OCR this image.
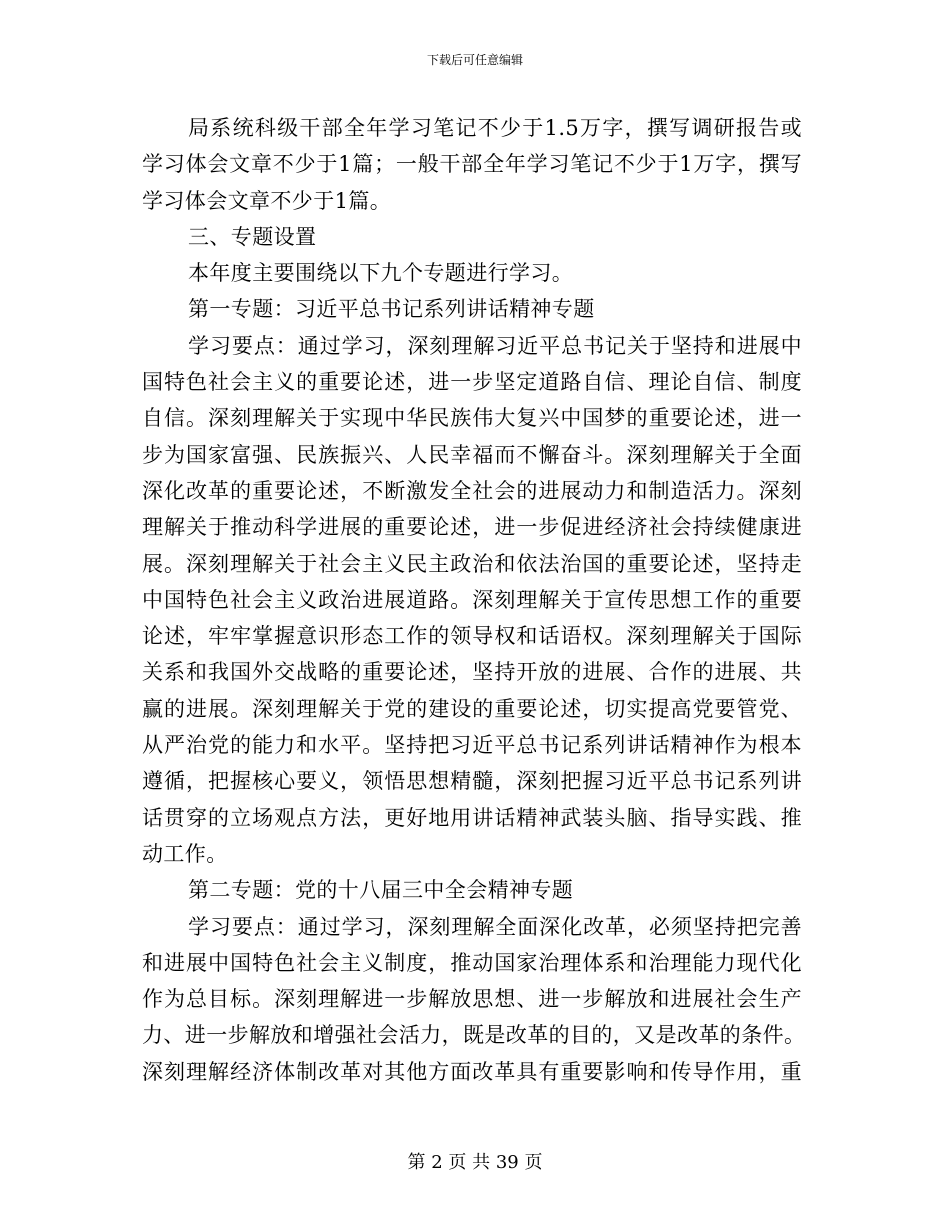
下载后可任意编辑
局系统科级干部全年学习笔记不少于1.5万字，撰写调研报告或
学习体会文章不少于1篇；一般干部全年学习笔记不少于1万字，撰写
学习体会文章不少于1篇。
三、专题设置
本年度主要围绕以下九个专题进行学习。
第一专题：习近平总书记系列讲话精神专题
学习要点：通过学习，深刻理解习近平总书记关于坚持和进展中
国特色社会主义的重要论述，进一步坚定道路自信、理论自信、制度
自信。深刻理解关于实现中华民族伟大复兴中国梦的重要论述，进一
步为国家富强、民族振兴、人民幸福而不懈奋斗。深刻理解关于全面
深化改革的重要论述，不断激发全社会的进展动力和制造活力。深刻
理解关于推动科学进展的重要论述，进一步促进经济社会持续健康进
展。深刻理解关于社会主义民主政治和依法治国的重要论述，坚持走
中国特色社会主义政治进展道路。深刻理解关于宣传思想工作的重要
论述，牢牢掌握意识形态工作的领导权和话语权。深刻理解关于国际
关系和我国外交战略的重要论述，坚持开放的进展、合作的进展、共
赢的进展。深刻理解关于党的建设的重要论述，切实提高党要管党、
从严治党的能力和水平。坚持把习近平总书记系列讲话精神作为根本
遵循，把握核心要义，领悟思想精髓，深刻把握习近平总书记系列讲
话贯穿的立场观点方法，更好地用讲话精神武装头脑、指导实践、推
动工作。
第二专题：党的十八届三中全会精神专题
学习要点：通过学习，深刻理解全面深化改革，必须坚持把完善
和进展中国特色社会主义制度，推动国家治理体系和治理能力现代化
作为总目标。深刻理解进一步解放思想、进一步解放和进展社会生产
力、进一步解放和增强社会活力，既是改革的目的，又是改革的条件。
深刻理解经济体制改革对其他方面改革具有重要影响和传导作用，重
第 2 页 共 39 页
